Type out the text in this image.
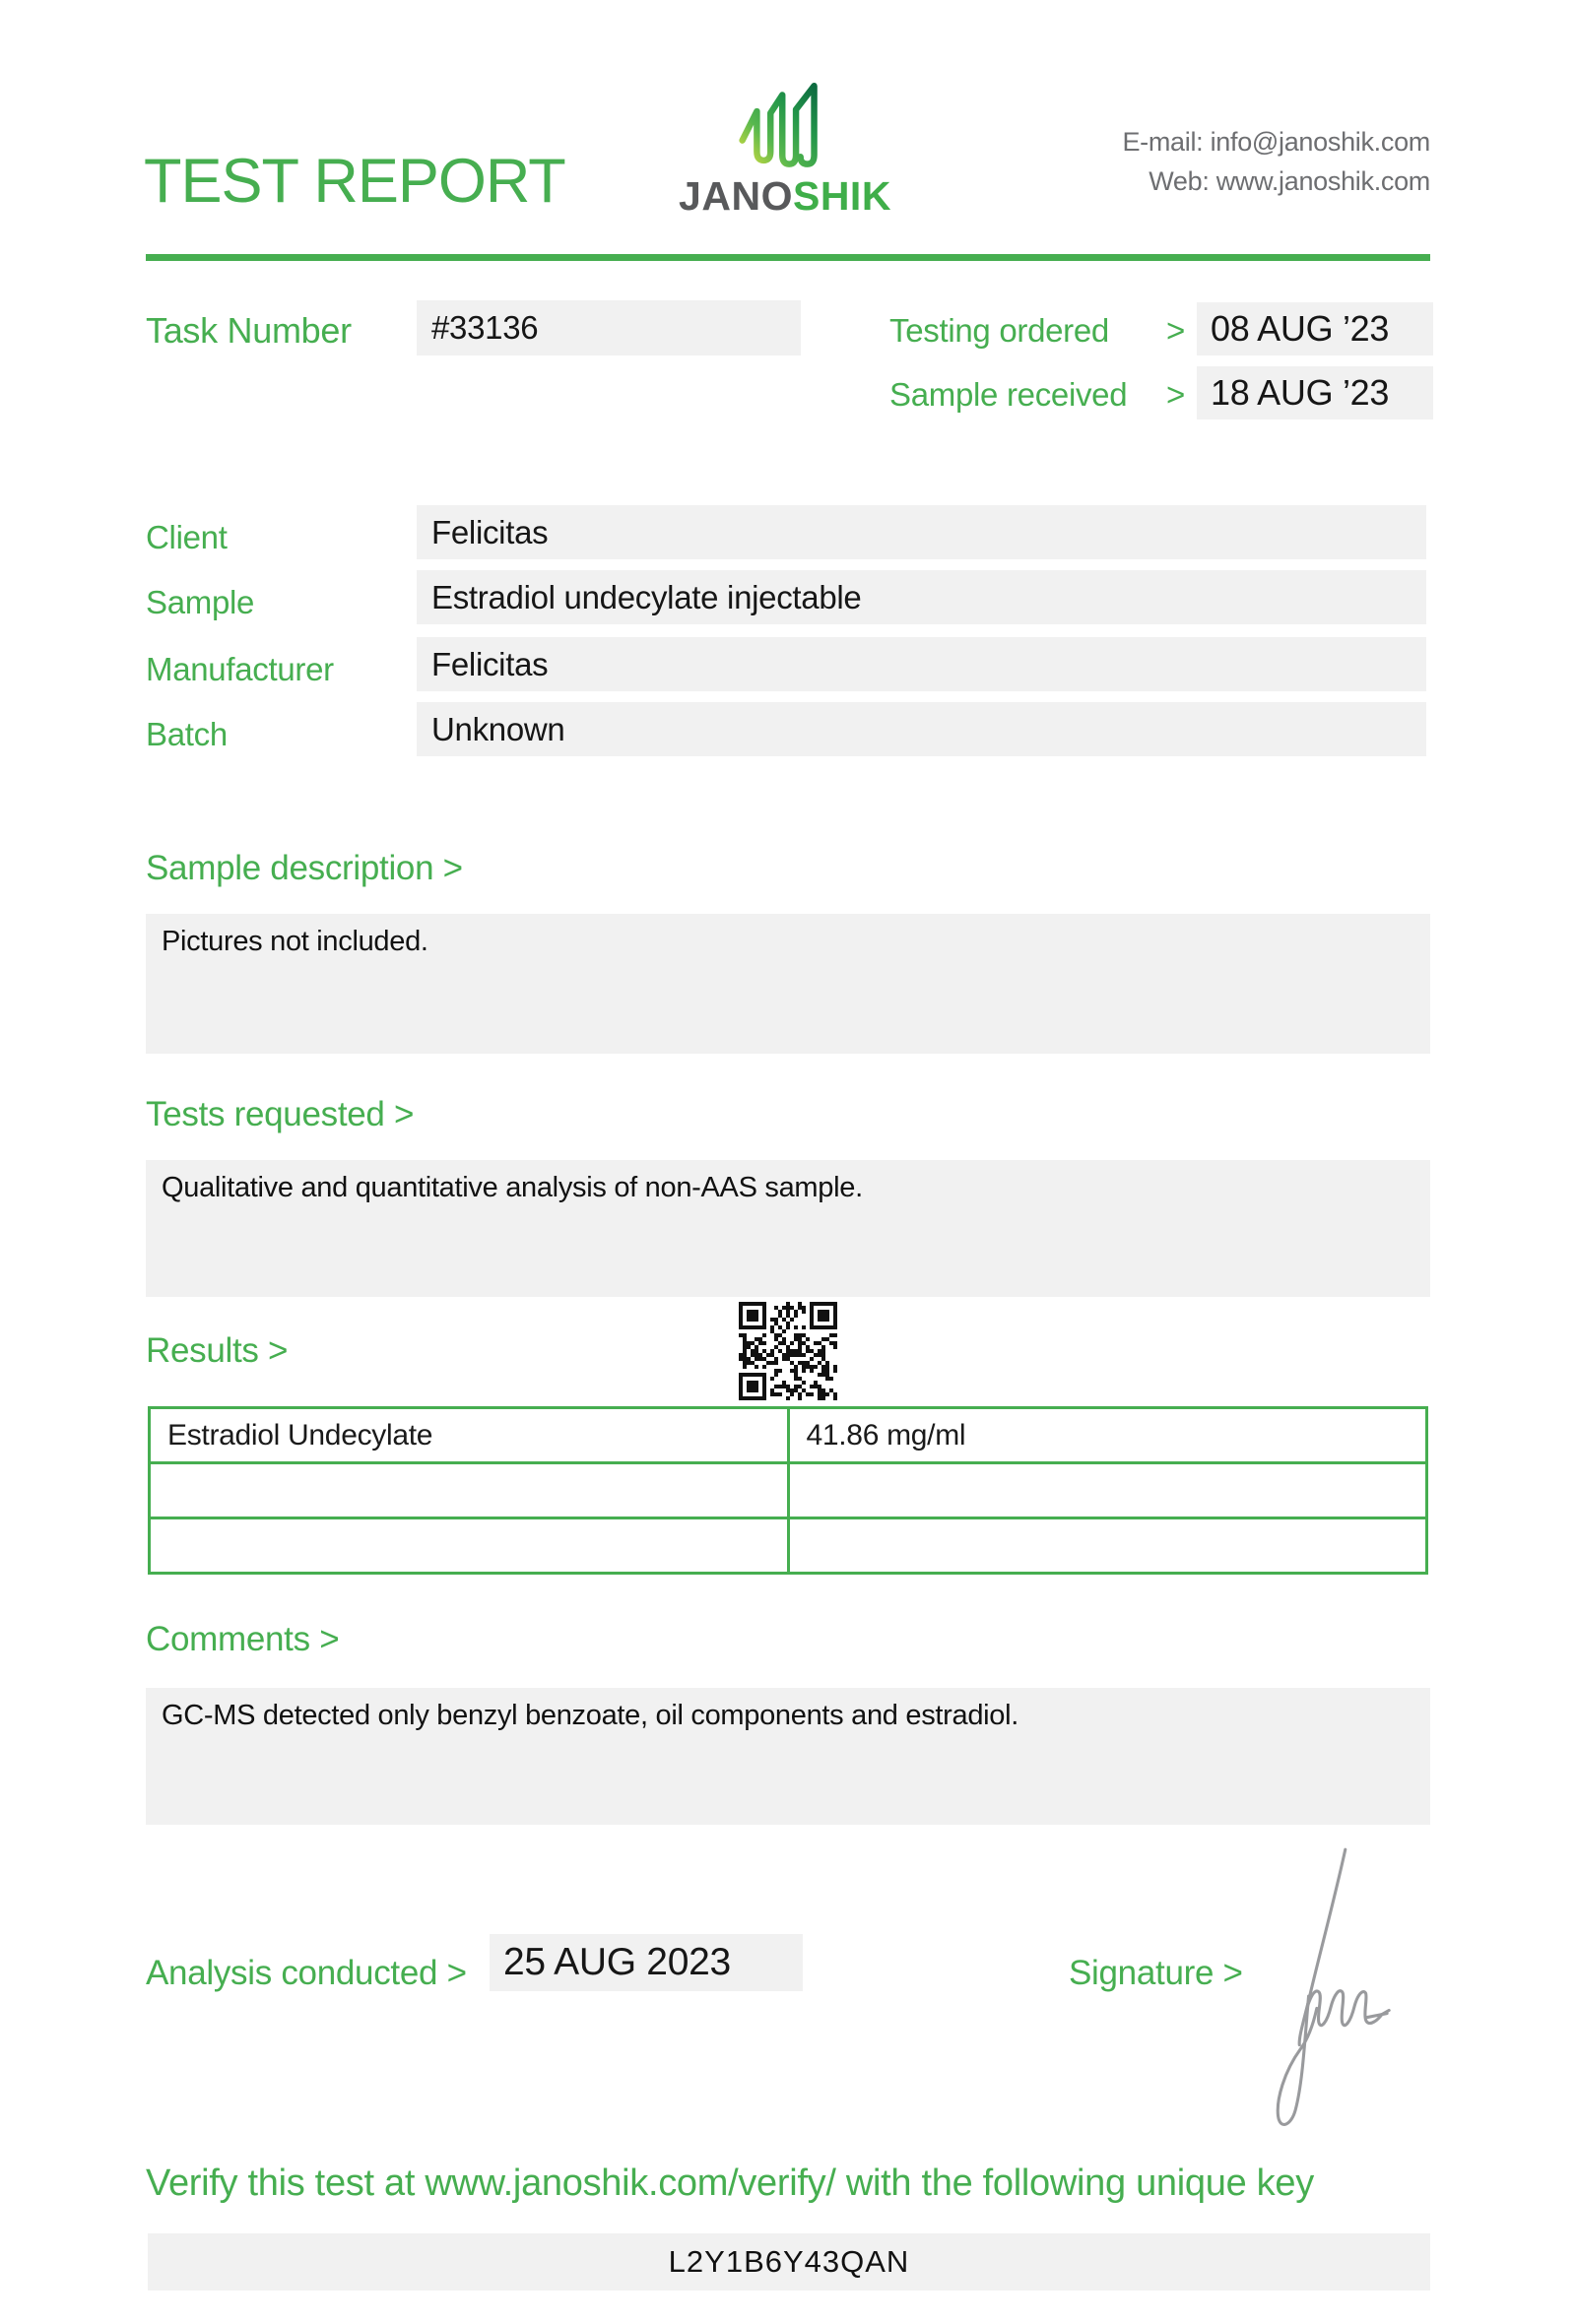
TEST REPORT	JANOSHIK
E-mail: info@janoshik.com
Web: www.janoshik.com
Task Number	#33136	Testing ordered > 08 AUG ’23
Sample received > 18 AUG ’23
Client	Felicitas
Sample	Estradiol undecylate injectable
Manufacturer	Felicitas
Batch	Unknown
Sample description >
Pictures not included.
Tests requested >
Qualitative and quantitative analysis of non-AAS sample.
Results >
Estradiol Undecylate	41.86 mg/ml
Comments >
GC-MS detected only benzyl benzoate, oil components and estradiol.
Analysis conducted > 25 AUG 2023	Signature >
Verify this test at www.janoshik.com/verify/ with the following unique key
L2Y1B6Y43QAN
